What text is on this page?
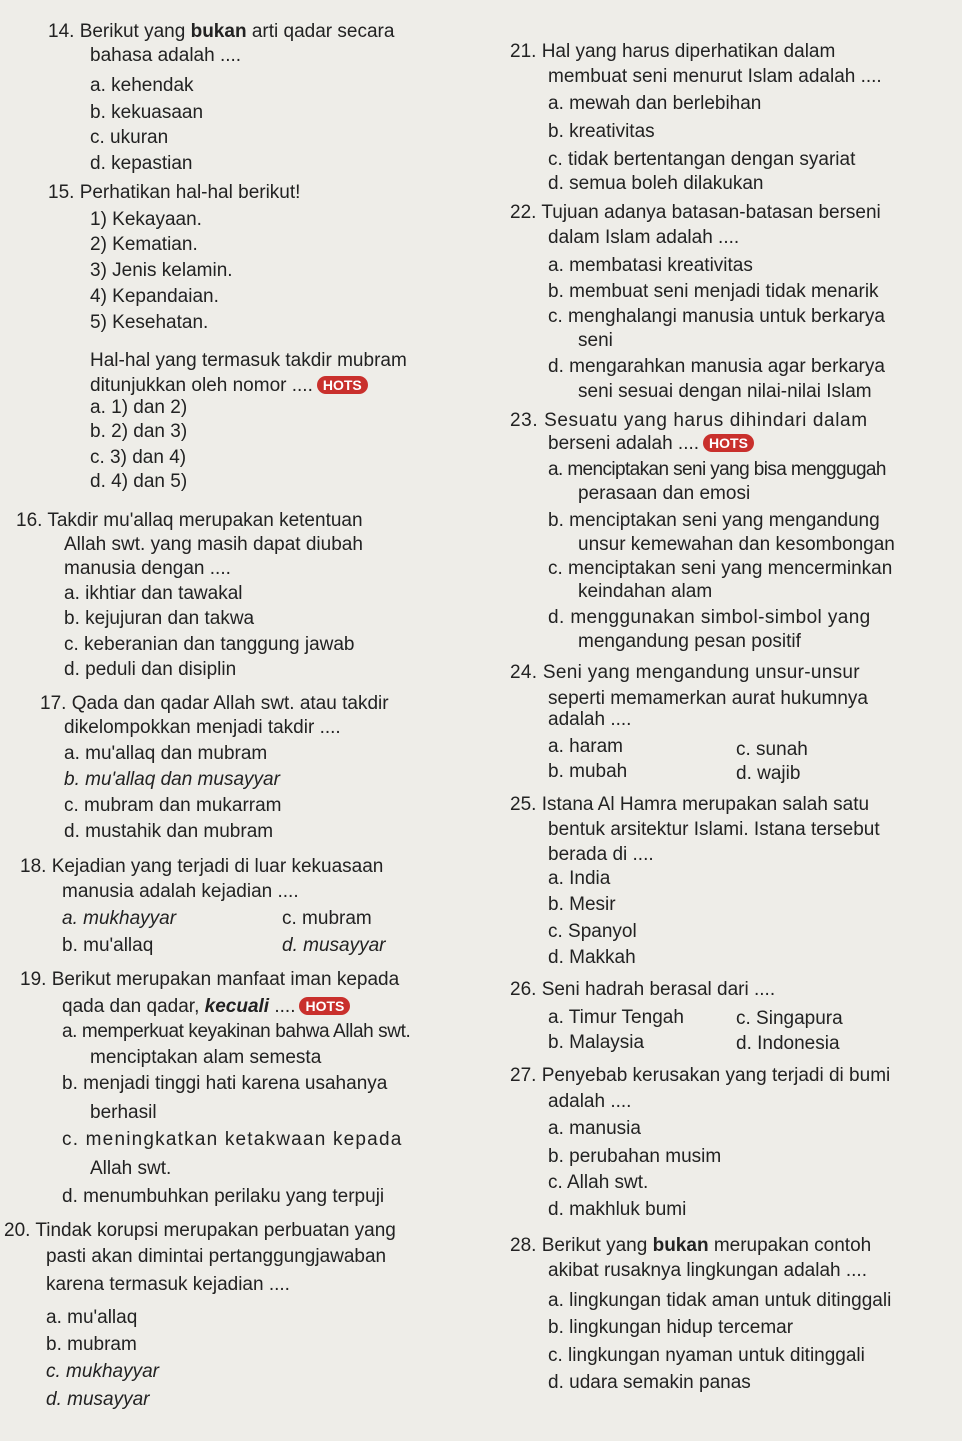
14. Berikut yang bukan arti qadar secara
bahasa adalah ....
a. kehendak
b. kekuasaan
c. ukuran
d. kepastian
15. Perhatikan hal-hal berikut!
1) Kekayaan.
2) Kematian.
3) Jenis kelamin.
4) Kepandaian.
5) Kesehatan.
Hal-hal yang termasuk takdir mubram
ditunjukkan oleh nomor .... HOTS
a. 1) dan 2)
b. 2) dan 3)
c. 3) dan 4)
d. 4) dan 5)
16. Takdir mu'allaq merupakan ketentuan
Allah swt. yang masih dapat diubah
manusia dengan ....
a. ikhtiar dan tawakal
b. kejujuran dan takwa
c. keberanian dan tanggung jawab
d. peduli dan disiplin
17. Qada dan qadar Allah swt. atau takdir
dikelompokkan menjadi takdir ....
a. mu'allaq dan mubram
b. mu'allaq dan musayyar
c. mubram dan mukarram
d. mustahik dan mubram
18. Kejadian yang terjadi di luar kekuasaan
manusia adalah kejadian ....
a. mukhayyar	c. mubram
b. mu'allaq	d. musayyar
19. Berikut merupakan manfaat iman kepada
qada dan qadar, kecuali .... HOTS
a. memperkuat keyakinan bahwa Allah swt.
menciptakan alam semesta
b. menjadi tinggi hati karena usahanya
berhasil
c. meningkatkan ketakwaan kepada
Allah swt.
d. menumbuhkan perilaku yang terpuji
20. Tindak korupsi merupakan perbuatan yang
pasti akan dimintai pertanggungjawaban
karena termasuk kejadian ....
a. mu'allaq
b. mubram
c. mukhayyar
d. musayyar
21. Hal yang harus diperhatikan dalam
membuat seni menurut Islam adalah ....
a. mewah dan berlebihan
b. kreativitas
c. tidak bertentangan dengan syariat
d. semua boleh dilakukan
22. Tujuan adanya batasan-batasan berseni
dalam Islam adalah ....
a. membatasi kreativitas
b. membuat seni menjadi tidak menarik
c. menghalangi manusia untuk berkarya
seni
d. mengarahkan manusia agar berkarya
seni sesuai dengan nilai-nilai Islam
23. Sesuatu yang harus dihindari dalam
berseni adalah .... HOTS
a. menciptakan seni yang bisa menggugah
perasaan dan emosi
b. menciptakan seni yang mengandung
unsur kemewahan dan kesombongan
c. menciptakan seni yang mencerminkan
keindahan alam
d. menggunakan simbol-simbol yang
mengandung pesan positif
24. Seni yang mengandung unsur-unsur
seperti memamerkan aurat hukumnya
adalah ....
a. haram	c. sunah
b. mubah	d. wajib
25. Istana Al Hamra merupakan salah satu
bentuk arsitektur Islami. Istana tersebut
berada di ....
a. India
b. Mesir
c. Spanyol
d. Makkah
26. Seni hadrah berasal dari ....
a. Timur Tengah	c. Singapura
b. Malaysia	d. Indonesia
27. Penyebab kerusakan yang terjadi di bumi
adalah ....
a. manusia
b. perubahan musim
c. Allah swt.
d. makhluk bumi
28. Berikut yang bukan merupakan contoh
akibat rusaknya lingkungan adalah ....
a. lingkungan tidak aman untuk ditinggali
b. lingkungan hidup tercemar
c. lingkungan nyaman untuk ditinggali
d. udara semakin panas
